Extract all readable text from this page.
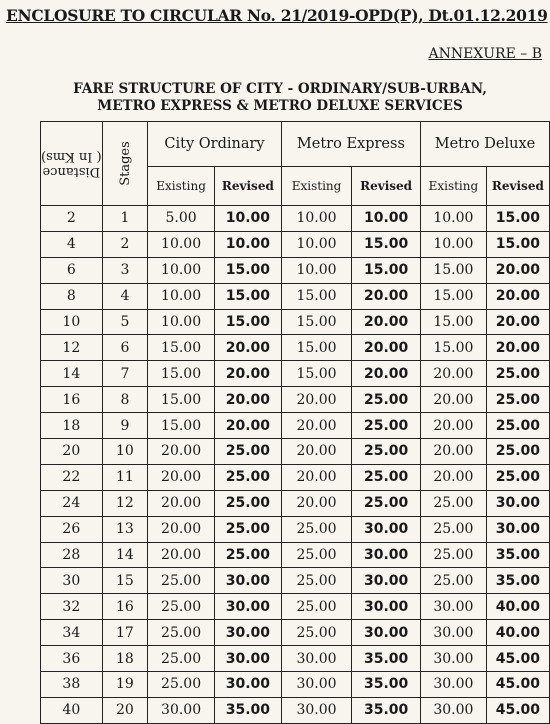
ENCLOSURE TO CIRCULAR No. 21/2019-OPD(P), Dt.01.12.2019
ANNEXURE – B
FARE STRUCTURE OF CITY - ORDINARY/SUB-URBAN,
METRO EXPRESS & METRO DELUXE SERVICES
Distance
( In Kms)	Stages	City Ordinary		Metro Express		Metro Deluxe	
		Existing	Revised	Existing	Revised	Existing	Revised
2	1	5.00	10.00	10.00	10.00	10.00	15.00
4	2	10.00	10.00	10.00	15.00	10.00	15.00
6	3	10.00	15.00	10.00	15.00	15.00	20.00
8	4	10.00	15.00	15.00	20.00	15.00	20.00
10	5	10.00	15.00	15.00	20.00	15.00	20.00
12	6	15.00	20.00	15.00	20.00	15.00	20.00
14	7	15.00	20.00	15.00	20.00	20.00	25.00
16	8	15.00	20.00	20.00	25.00	20.00	25.00
18	9	15.00	20.00	20.00	25.00	20.00	25.00
20	10	20.00	25.00	20.00	25.00	20.00	25.00
22	11	20.00	25.00	20.00	25.00	20.00	25.00
24	12	20.00	25.00	20.00	25.00	25.00	30.00
26	13	20.00	25.00	25.00	30.00	25.00	30.00
28	14	20.00	25.00	25.00	30.00	25.00	35.00
30	15	25.00	30.00	25.00	30.00	25.00	35.00
32	16	25.00	30.00	25.00	30.00	30.00	40.00
34	17	25.00	30.00	25.00	30.00	30.00	40.00
36	18	25.00	30.00	30.00	35.00	30.00	45.00
38	19	25.00	30.00	30.00	35.00	30.00	45.00
40	20	30.00	35.00	30.00	35.00	30.00	45.00
